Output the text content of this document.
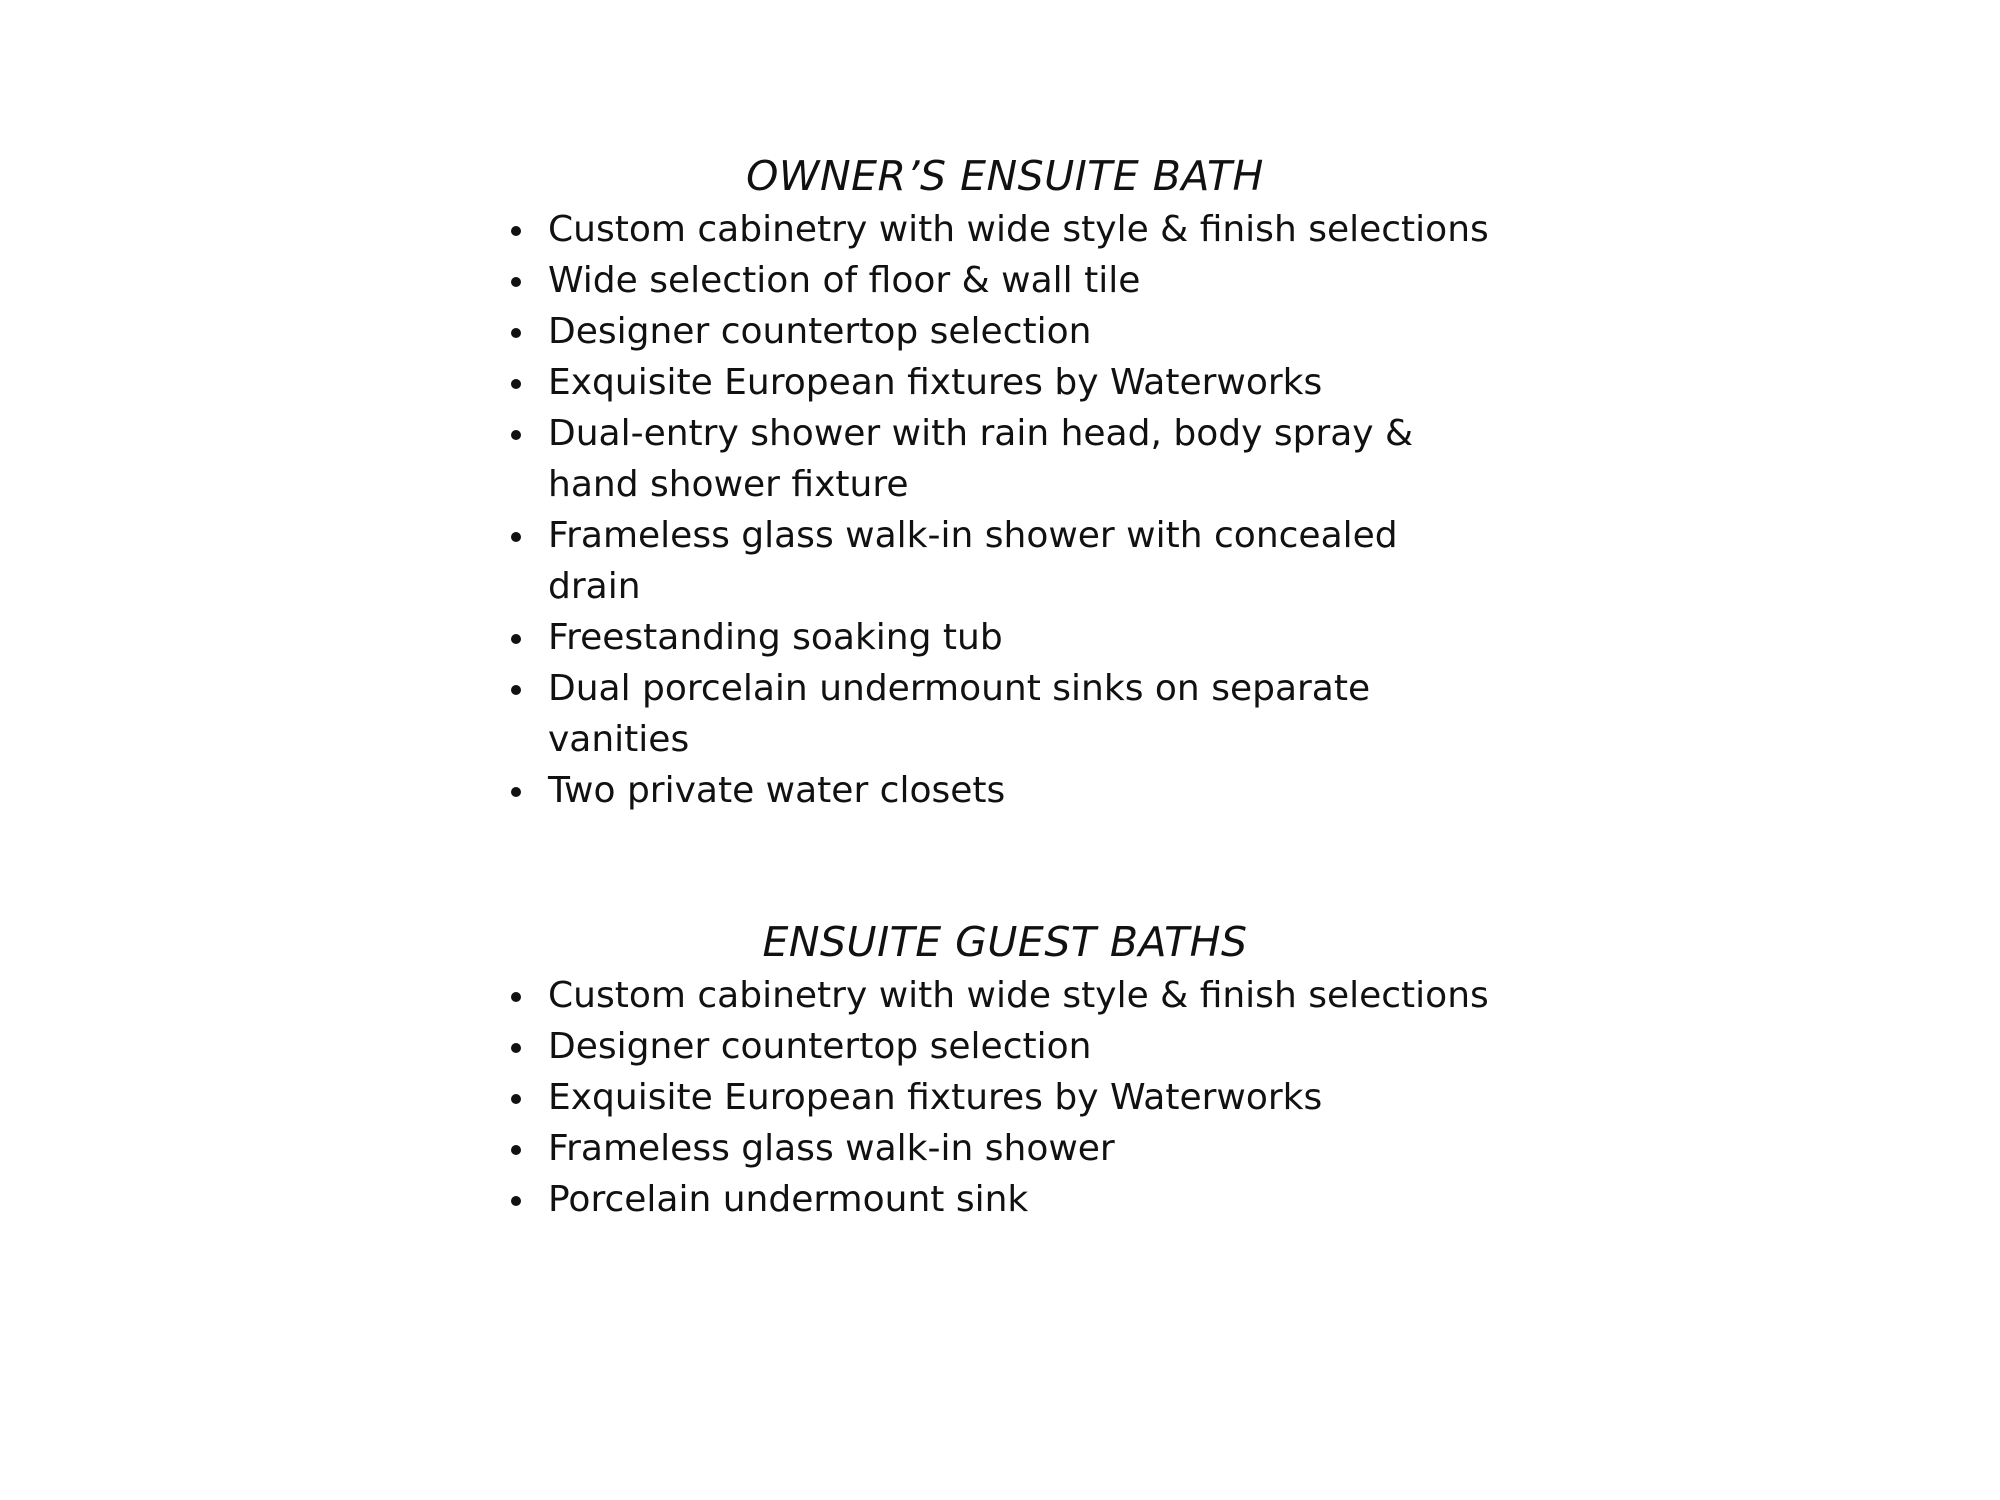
OWNER’S ENSUITE BATH
Custom cabinetry with wide style & finish selections
Wide selection of floor & wall tile
Designer countertop selection
Exquisite European fixtures by Waterworks
Dual-entry shower with rain head, body spray &
hand shower fixture
Frameless glass walk-in shower with concealed
drain
Freestanding soaking tub
Dual porcelain undermount sinks on separate
vanities
Two private water closets
ENSUITE GUEST BATHS
Custom cabinetry with wide style & finish selections
Designer countertop selection
Exquisite European fixtures by Waterworks
Frameless glass walk-in shower
Porcelain undermount sink
